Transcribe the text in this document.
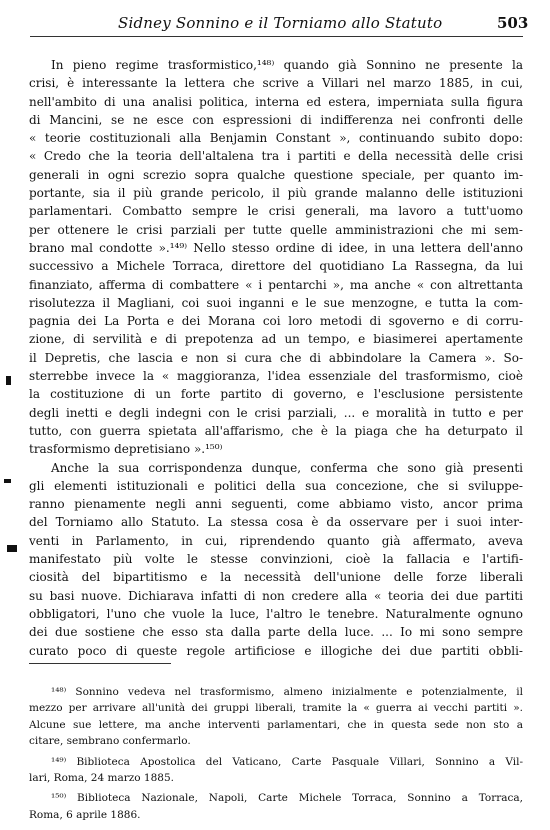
Sidney Sonnino e il Torniamo allo Statuto	503
In pieno regime trasformistico,¹⁴⁸⁾ quando già Sonnino ne presente la
crisi, è interessante la lettera che scrive a Villari nel marzo 1885, in cui,
nell'ambito di una analisi politica, interna ed estera, imperniata sulla figura
di Mancini, se ne esce con espressioni di indifferenza nei confronti delle
« teorie costituzionali alla Benjamin Constant », continuando subito dopo:
« Credo che la teoria dell'altalena tra i partiti e della necessità delle crisi
generali in ogni screzio sopra qualche questione speciale, per quanto im-
portante, sia il più grande pericolo, il più grande malanno delle istituzioni
parlamentari. Combatto sempre le crisi generali, ma lavoro a tutt'uomo
per ottenere le crisi parziali per tutte quelle amministrazioni che mi sem-
brano mal condotte ».¹⁴⁹⁾ Nello stesso ordine di idee, in una lettera dell'anno
successivo a Michele Torraca, direttore del quotidiano La Rassegna, da lui
finanziato, afferma di combattere « i pentarchi », ma anche « con altrettanta
risolutezza il Magliani, coi suoi inganni e le sue menzogne, e tutta la com-
pagnia dei La Porta e dei Morana coi loro metodi di sgoverno e di corru-
zione, di servilità e di prepotenza ad un tempo, e biasimerei apertamente
il Depretis, che lascia e non si cura che di abbindolare la Camera ». So-
sterrebbe invece la « maggioranza, l'idea essenziale del trasformismo, cioè
la costituzione di un forte partito di governo, e l'esclusione persistente
degli inetti e degli indegni con le crisi parziali, ... e moralità in tutto e per
tutto, con guerra spietata all'affarismo, che è la piaga che ha deturpato il
trasformismo depretisiano ».¹⁵⁰⁾
Anche la sua corrispondenza dunque, conferma che sono già presenti
gli elementi istituzionali e politici della sua concezione, che si sviluppe-
ranno pienamente negli anni seguenti, come abbiamo visto, ancor prima
del Torniamo allo Statuto. La stessa cosa è da osservare per i suoi inter-
venti in Parlamento, in cui, riprendendo quanto già affermato, aveva
manifestato più volte le stesse convinzioni, cioè la fallacia e l'artifi-
ciosità del bipartitismo e la necessità dell'unione delle forze liberali
su basi nuove. Dichiarava infatti di non credere alla « teoria dei due partiti
obbligatori, l'uno che vuole la luce, l'altro le tenebre. Naturalmente ognuno
dei due sostiene che esso sta dalla parte della luce. ... Io mi sono sempre
curato poco di queste regole artificiose e illogiche dei due partiti obbli-
¹⁴⁸⁾ Sonnino vedeva nel trasformismo, almeno inizialmente e potenzialmente, il
mezzo per arrivare all'unità dei gruppi liberali, tramite la « guerra ai vecchi partiti ».
Alcune sue lettere, ma anche interventi parlamentari, che in questa sede non sto a
citare, sembrano confermarlo.
¹⁴⁹⁾ Biblioteca Apostolica del Vaticano, Carte Pasquale Villari, Sonnino a Vil-
lari, Roma, 24 marzo 1885.
¹⁵⁰⁾ Biblioteca Nazionale, Napoli, Carte Michele Torraca, Sonnino a Torraca,
Roma, 6 aprile 1886.
